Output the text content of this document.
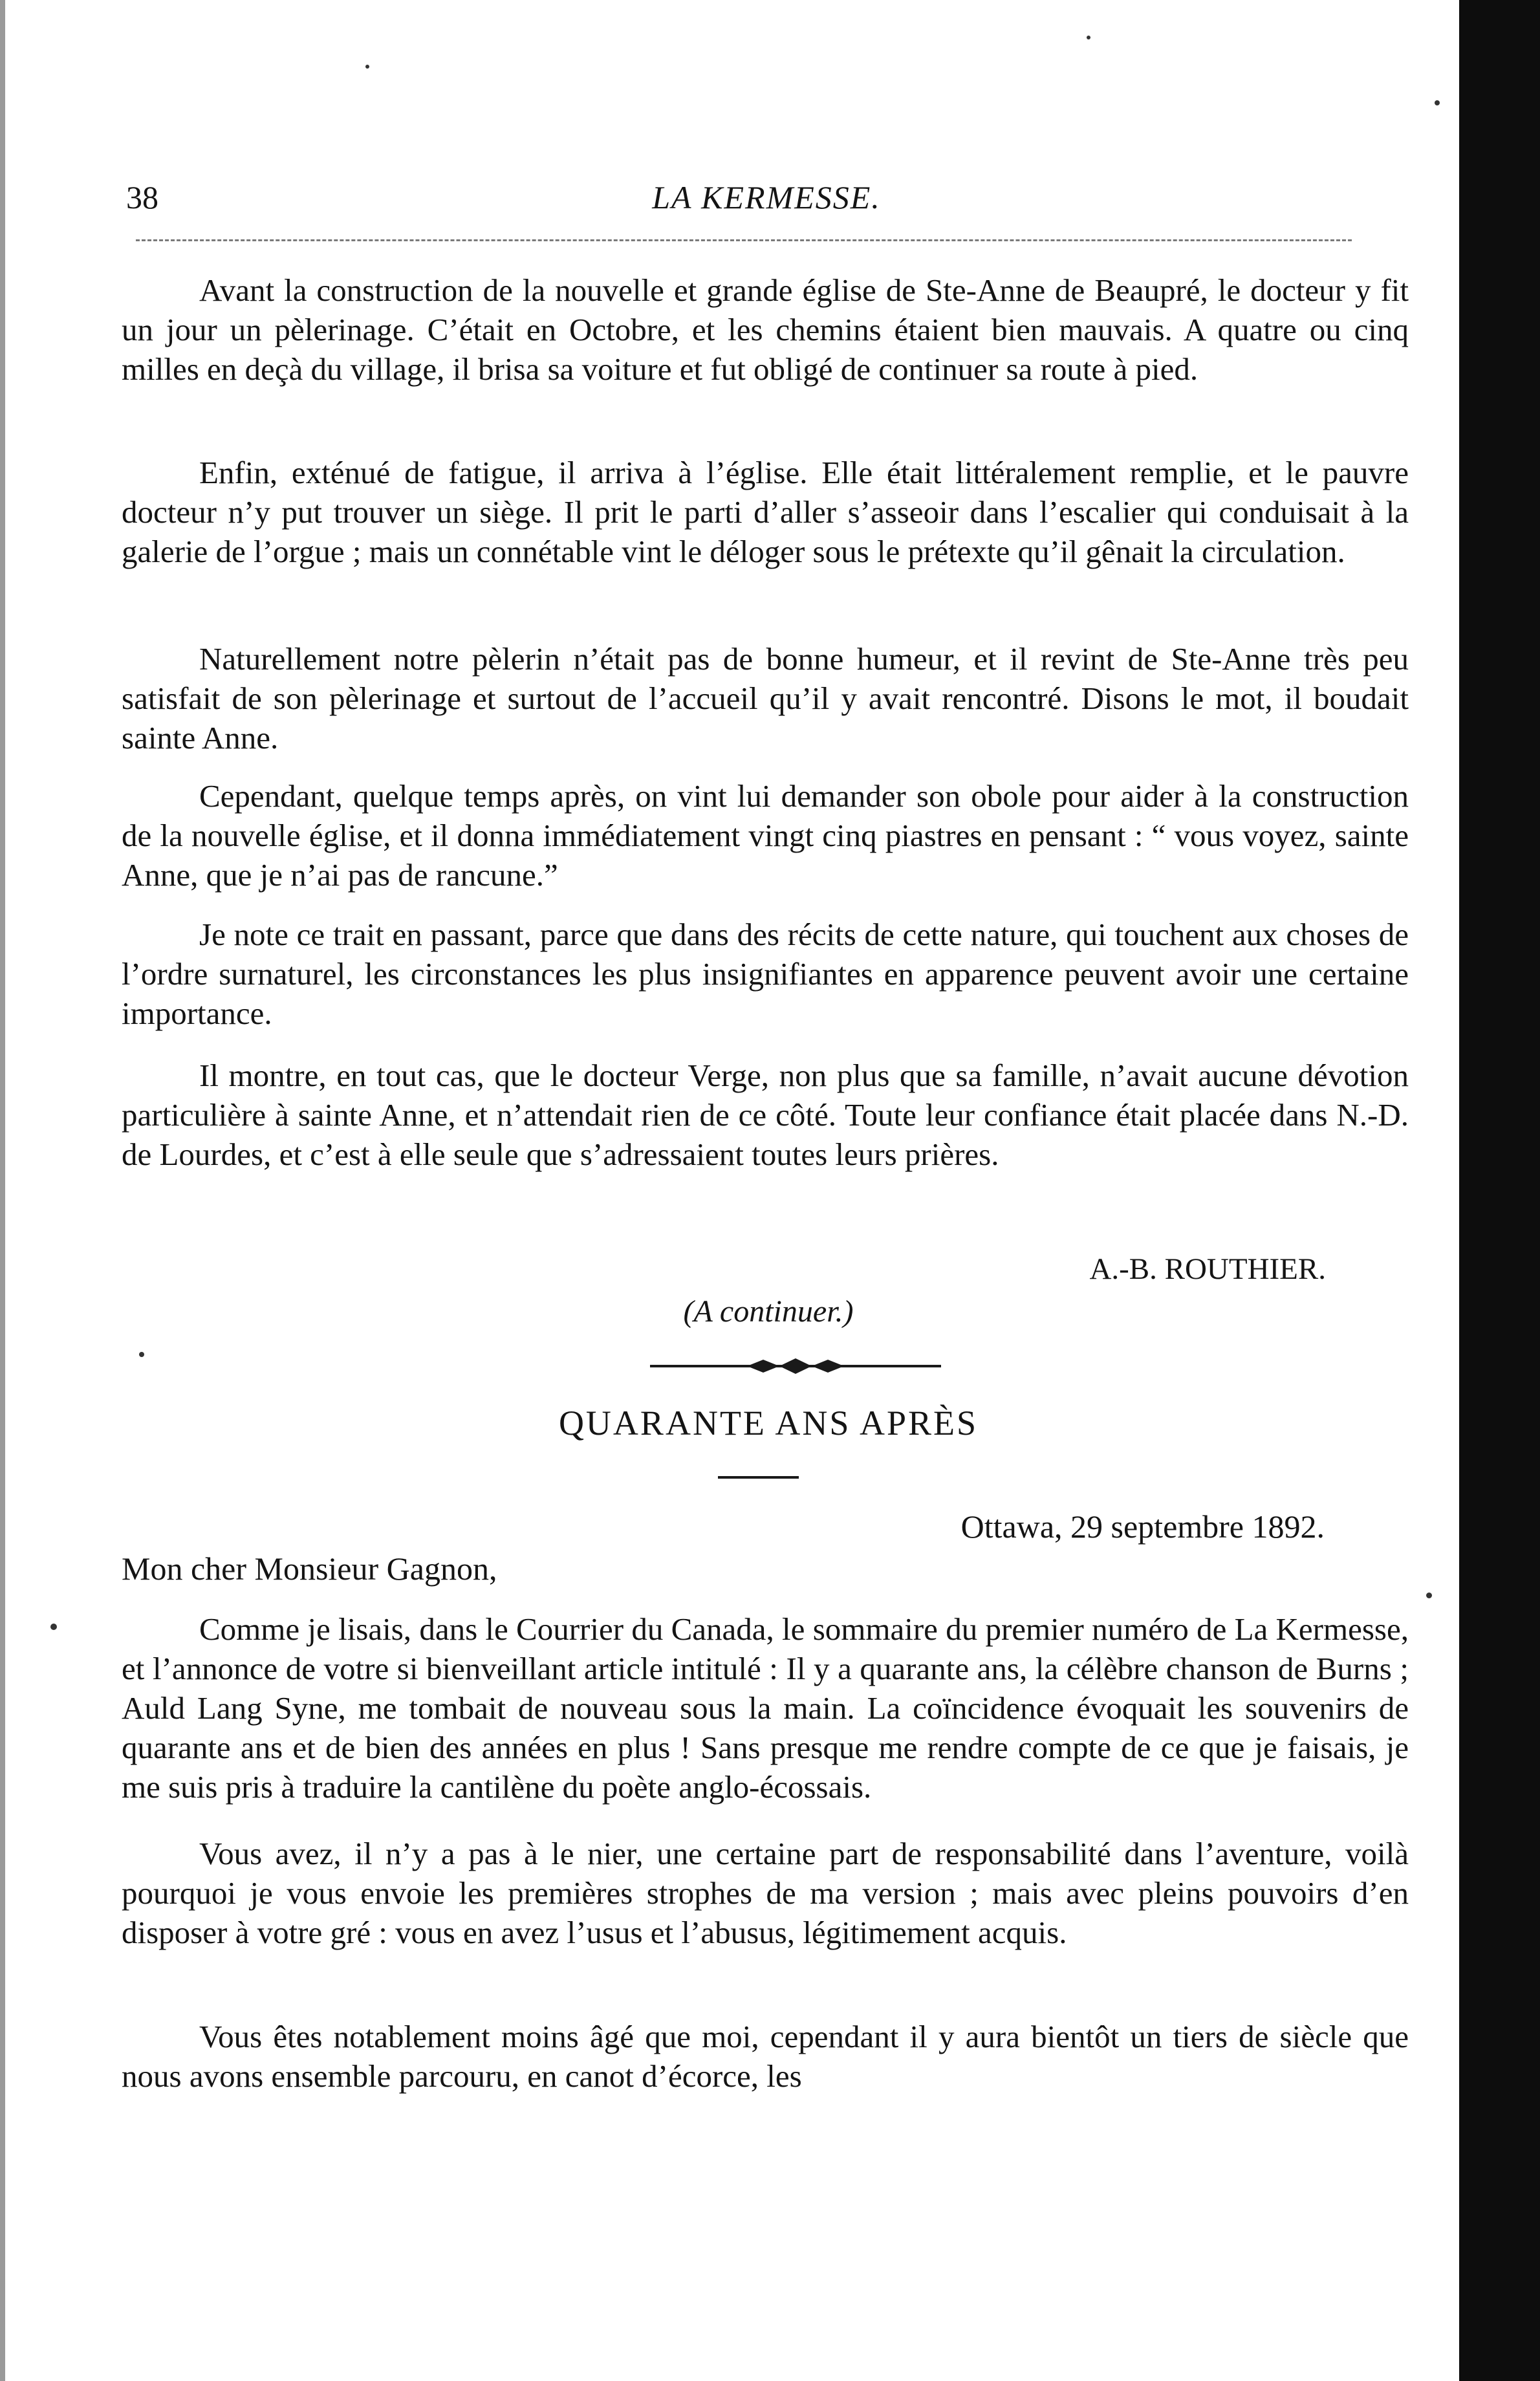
38	LA KERMESSE.

Avant la construction de la nouvelle et grande église de Ste-Anne de Beaupré, le docteur y fit un jour un pèlerinage. C’était en Octobre, et les chemins étaient bien mauvais. A quatre ou cinq milles en deçà du village, il brisa sa voiture et fut obligé de continuer sa route à pied.

Enfin, exténué de fatigue, il arriva à l’église. Elle était littéralement remplie, et le pauvre docteur n’y put trouver un siège. Il prit le parti d’aller s’asseoir dans l’escalier qui conduisait à la galerie de l’orgue ; mais un connétable vint le déloger sous le prétexte qu’il gênait la circulation.

Naturellement notre pèlerin n’était pas de bonne humeur, et il revint de Ste-Anne très peu satisfait de son pèlerinage et surtout de l’accueil qu’il y avait rencontré. Disons le mot, il boudait sainte Anne.

Cependant, quelque temps après, on vint lui demander son obole pour aider à la construction de la nouvelle église, et il donna immédiatement vingt cinq piastres en pensant : “ vous voyez, sainte Anne, que je n’ai pas de rancune.”

Je note ce trait en passant, parce que dans des récits de cette nature, qui touchent aux choses de l’ordre surnaturel, les circonstances les plus insignifiantes en apparence peuvent avoir une certaine importance.

Il montre, en tout cas, que le docteur Verge, non plus que sa famille, n’avait aucune dévotion particulière à sainte Anne, et n’attendait rien de ce côté. Toute leur confiance était placée dans N.-D. de Lourdes, et c’est à elle seule que s’adressaient toutes leurs prières.

A.-B. ROUTHIER.
(A continuer.)
QUARANTE ANS APRÈS
Ottawa, 29 septembre 1892.
Mon cher Monsieur Gagnon,

Comme je lisais, dans le Courrier du Canada, le sommaire du premier numéro de La Kermesse, et l’annonce de votre si bienveillant article intitulé : Il y a quarante ans, la célèbre chanson de Burns ; Auld Lang Syne, me tombait de nouveau sous la main. La coïncidence évoquait les souvenirs de quarante ans et de bien des années en plus ! Sans presque me rendre compte de ce que je faisais, je me suis pris à traduire la cantilène du poète anglo-écossais.

Vous avez, il n’y a pas à le nier, une certaine part de responsabilité dans l’aventure, voilà pourquoi je vous envoie les premières strophes de ma version ; mais avec pleins pouvoirs d’en disposer à votre gré : vous en avez l’usus et l’abusus, légitimement acquis.

Vous êtes notablement moins âgé que moi, cependant il y aura bientôt un tiers de siècle que nous avons ensemble parcouru, en canot d’écorce, les
